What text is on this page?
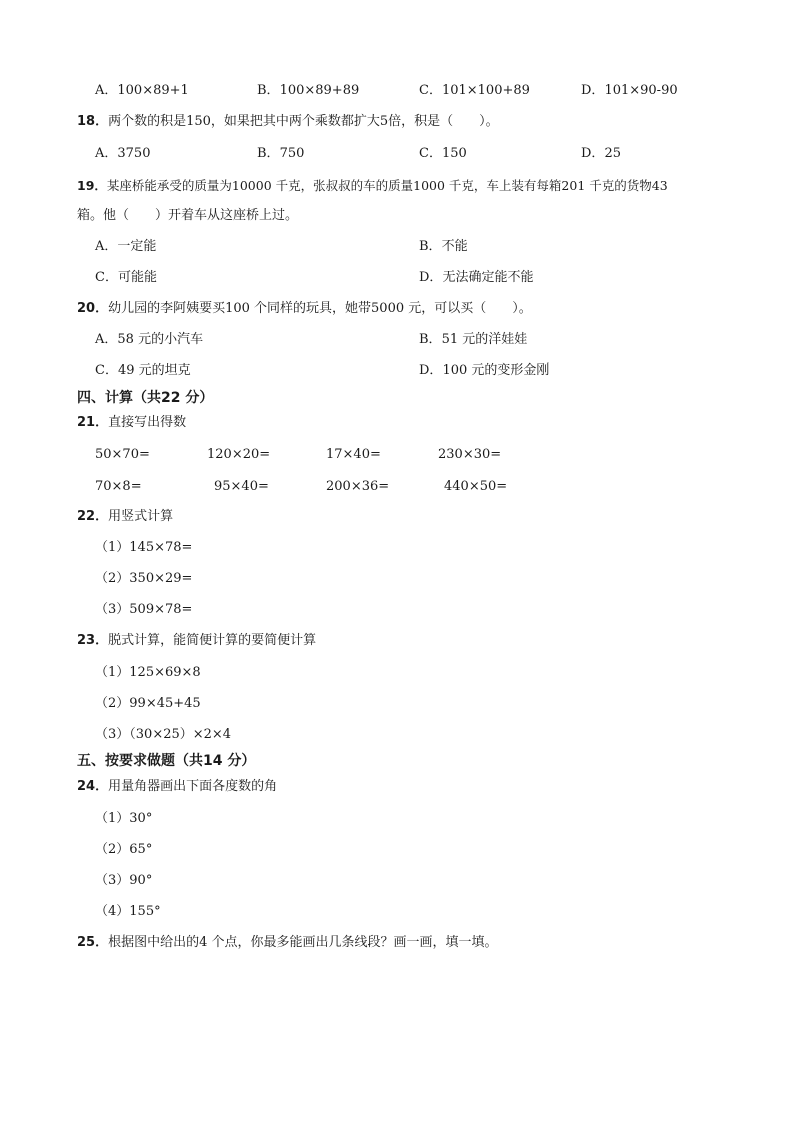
A．100×89+1	B．100×89+89	C．101×100+89	D．101×90-90
18．两个数的积是150，如果把其中两个乘数都扩大5倍，积是（　　）。
A．3750	B．750	C．150	D．25
19．某座桥能承受的质量为10000 千克，张叔叔的车的质量1000 千克，车上装有每箱201 千克的货物43
箱。他（　　）开着车从这座桥上过。
A．一定能	B．不能
C．可能能	D．无法确定能不能
20．幼儿园的李阿姨要买100 个同样的玩具，她带5000 元，可以买（　　）。
A．58 元的小汽车	B．51 元的洋娃娃
C．49 元的坦克	D．100 元的变形金刚
四、计算（共22 分）
21．直接写出得数
50×70=	120×20=	17×40=	230×30=
70×8=	95×40=	200×36=	440×50=
22．用竖式计算
（1）145×78=
（2）350×29=
（3）509×78=
23．脱式计算，能简便计算的要简便计算
（1）125×69×8
（2）99×45+45
（3）（30×25）×2×4
五、按要求做题（共14 分）
24．用量角器画出下面各度数的角
（1）30°
（2）65°
（3）90°
（4）155°
25．根据图中给出的4 个点，你最多能画出几条线段？画一画，填一填。
